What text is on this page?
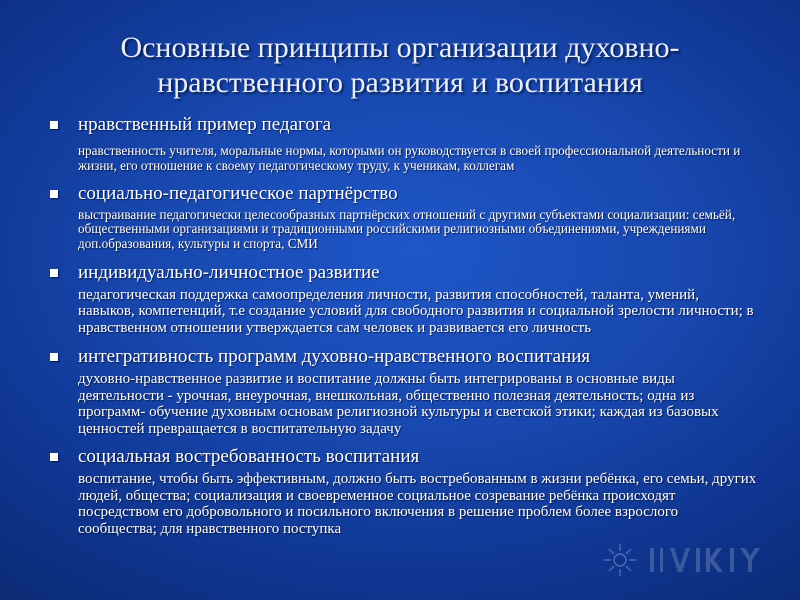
Основные принципы организации духовно-
нравственного развития и воспитания
нравственный пример педагога

нравственность учителя, моральные нормы, которыми он руководствуется в своей профессиональной деятельности и жизни, его отношение к своему педагогическому труду, к ученикам, коллегам

социально-педагогическое партнёрство

выстраивание педагогически целесообразных партнёрских отношений с другими субъектами социализации: семьёй, общественными организациями и традиционными российскими религиозными объединениями, учреждениями доп.образования, культуры и спорта, СМИ

индивидуально-личностное развитие

педагогическая поддержка самоопределения личности, развития способностей, таланта, умений, навыков, компетенций, т.е создание условий для свободного развития и социальной зрелости личности; в нравственном отношении утверждается сам человек и развивается его личность

интегративность программ духовно-нравственного воспитания

духовно-нравственное развитие и воспитание должны быть интегрированы в основные виды деятельности - урочная, внеурочная, внешкольная, общественно полезная деятельность; одна из программ- обучение духовным основам религиозной культуры и светской этики; каждая из базовых ценностей превращается в воспитательную задачу

социальная востребованность воспитания

воспитание, чтобы быть эффективным, должно быть востребованным в жизни ребёнка, его семьи, других людей, общества; социализация и своевременное социальное созревание ребёнка происходят посредством его добровольного и посильного включения в решение проблем более взрослого сообщества; для нравственного поступка
